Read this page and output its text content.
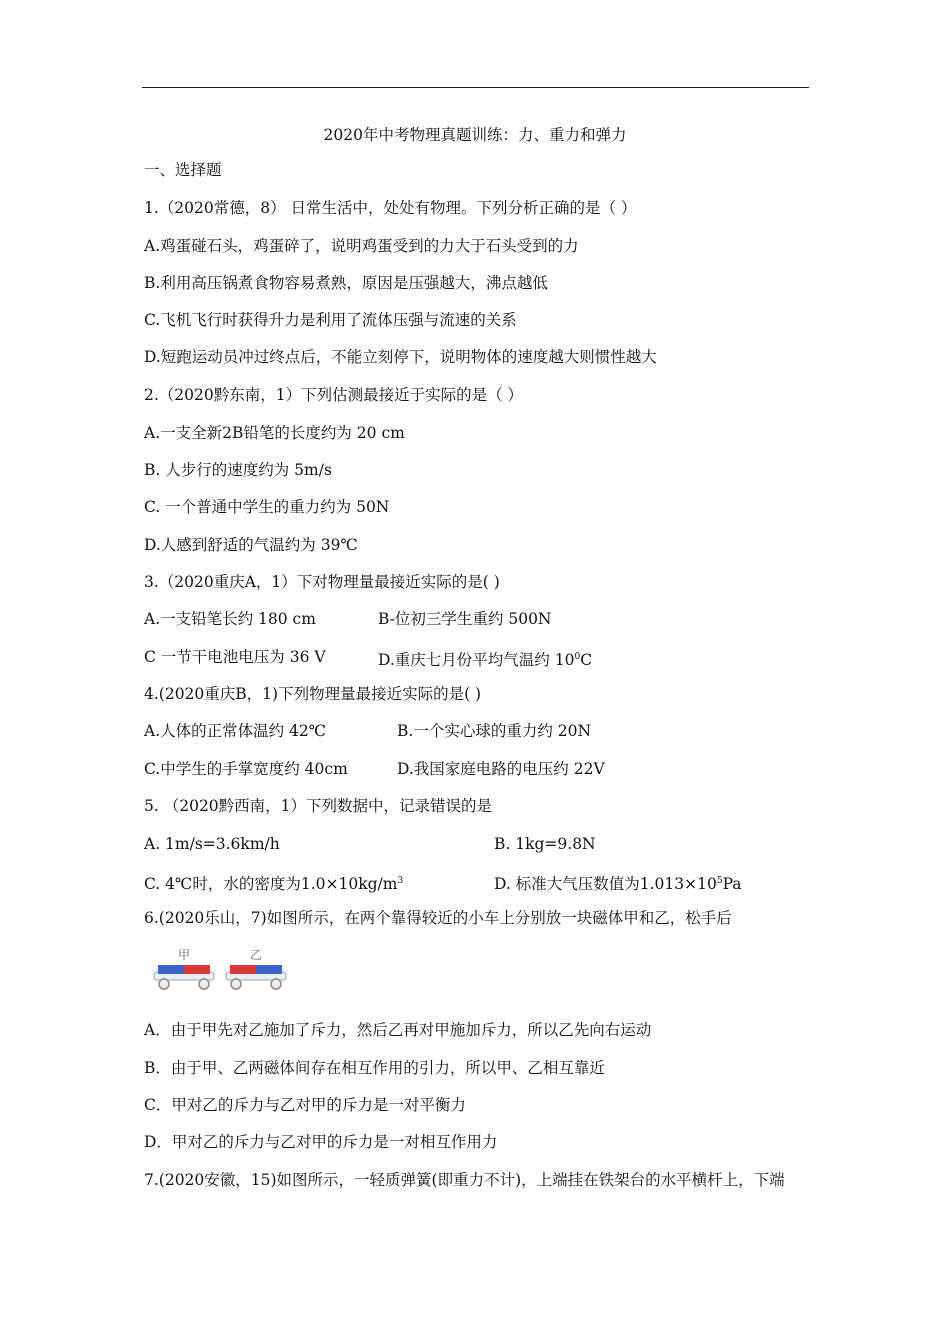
2020年中考物理真题训练：力、重力和弹力
一、选择题
1.（2020常德，8） 日常生活中，处处有物理。下列分析正确的是（ ）
A.鸡蛋碰石头，鸡蛋碎了，说明鸡蛋受到的力大于石头受到的力
B.利用高压锅煮食物容易煮熟，原因是压强越大，沸点越低
C.飞机飞行时获得升力是利用了流体压强与流速的关系
D.短跑运动员冲过终点后，不能立刻停下，说明物体的速度越大则惯性越大
2.（2020黔东南，1）下列估测最接近于实际的是（ ）
A.一支全新2B铅笔的长度约为 20 cm
B. 人步行的速度约为 5m/s
C. 一个普通中学生的重力约为 50N
D.人感到舒适的气温约为 39℃
3.（2020重庆A，1）下对物理量最接近实际的是( )
A.一支铅笔长约 180 cm	B-位初三学生重约 500N
C 一节干电池电压为 36 V	D.重庆七月份平均气温约 $10^0C$
4.(2020重庆B，1)下列物理量最接近实际的是( )
A.人体的正常体温约 42℃	B.一个实心球的重力约 20N
C.中学生的手掌宽度约 40cm	D.我国家庭电路的电压约 22V
5. （2020黔西南，1）下列数据中，记录错误的是
A. 1m/s=3.6km/h	B. 1kg=9.8N
C. 4℃时，水的密度为$1.0\times 10kg/m^3$	D. 标准大气压数值为$1.013\times 10^5Pa$
6.(2020乐山，7)如图所示，在两个靠得较近的小车上分别放一块磁体甲和乙，松手后
甲	乙
A．由于甲先对乙施加了斥力，然后乙再对甲施加斥力，所以乙先向右运动
B．由于甲、乙两磁体间存在相互作用的引力，所以甲、乙相互靠近
C．甲对乙的斥力与乙对甲的斥力是一对平衡力
D．甲对乙的斥力与乙对甲的斥力是一对相互作用力
7.(2020安徽，15)如图所示，一轻质弹簧(即重力不计)，上端挂在铁架台的水平横杆上，下端
